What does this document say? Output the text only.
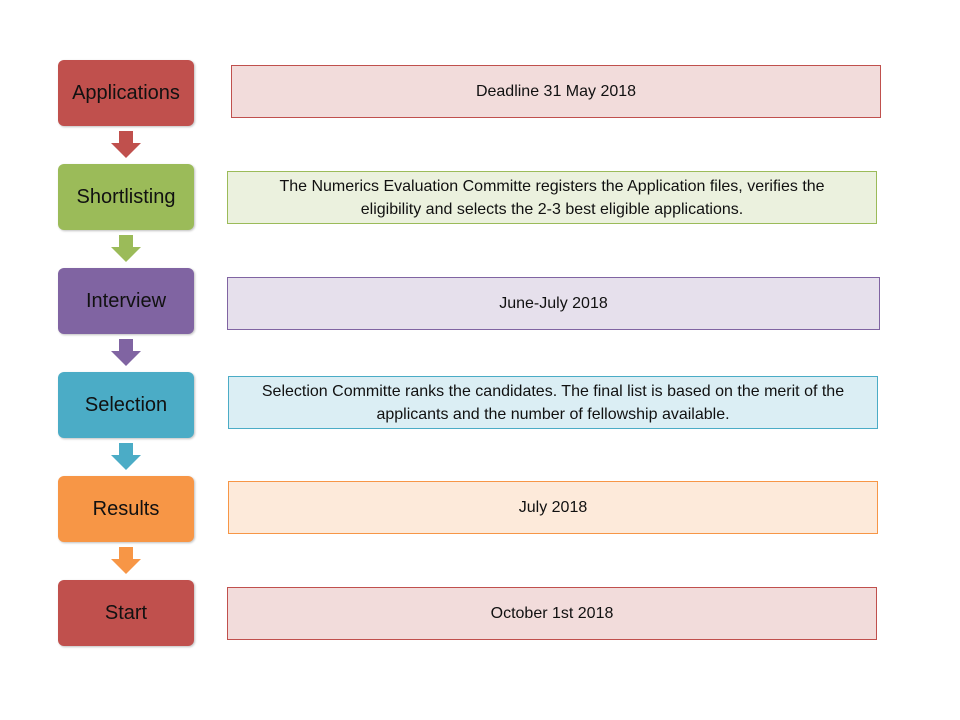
Applications
Shortlisting
Interview
Selection
Results
Start
Deadline 31 May 2018
The Numerics Evaluation Committe registers the Application files, verifies the eligibility and selects the 2-3 best eligible applications.
June-July 2018
Selection Committe ranks the candidates. The final list is based on the merit of the applicants and the number of fellowship available.
July 2018
October 1st 2018
